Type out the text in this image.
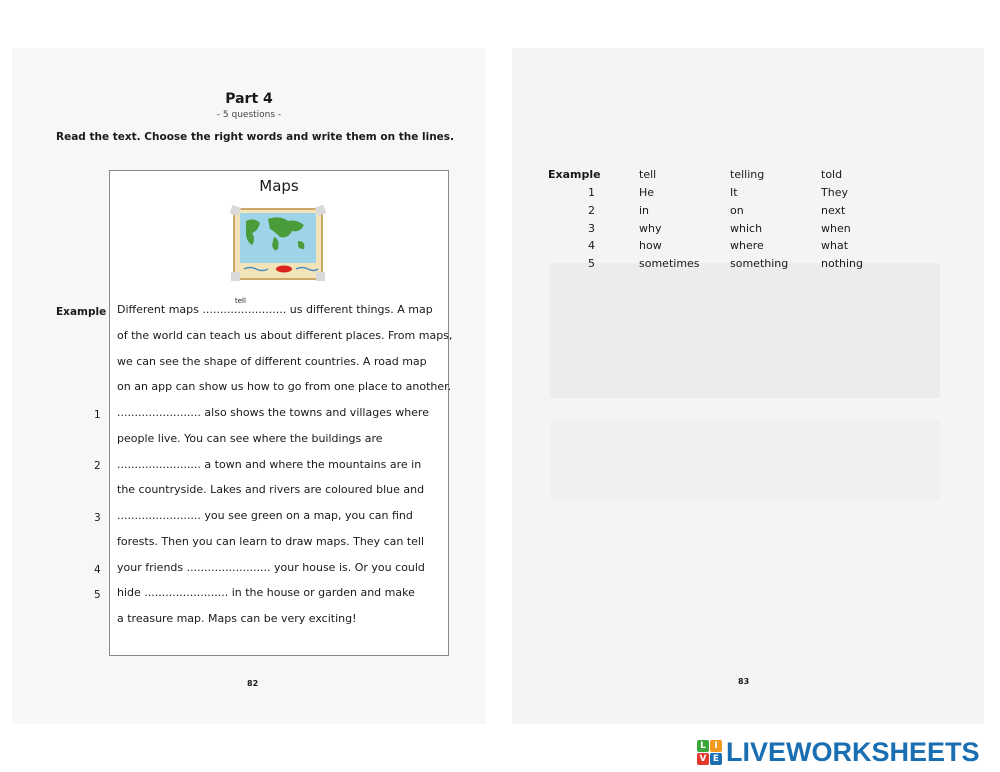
Part 4
- 5 questions -
Read the text. Choose the right words and write them on the lines.
Example
1
2
3
4
5
Maps
Different maps ........................ us different things. A map
tell
of the world can teach us about different places. From maps,
we can see the shape of different countries. A road map
on an app can show us how to go from one place to another.
........................ also shows the towns and villages where
people live. You can see where the buildings are
........................ a town and where the mountains are in
the countryside. Lakes and rivers are coloured blue and
........................ you see green on a map, you can find
forests. Then you can learn to draw maps. They can tell
your friends ........................ your house is. Or you could
hide ........................ in the house or garden and make
a treasure map. Maps can be very exciting!
82
Example	tell	telling	told
1	He	It	They
2	in	on	next
3	why	which	when
4	how	where	what
5	sometimes	something	nothing
83
L I
V E LIVEWORKSHEETS
